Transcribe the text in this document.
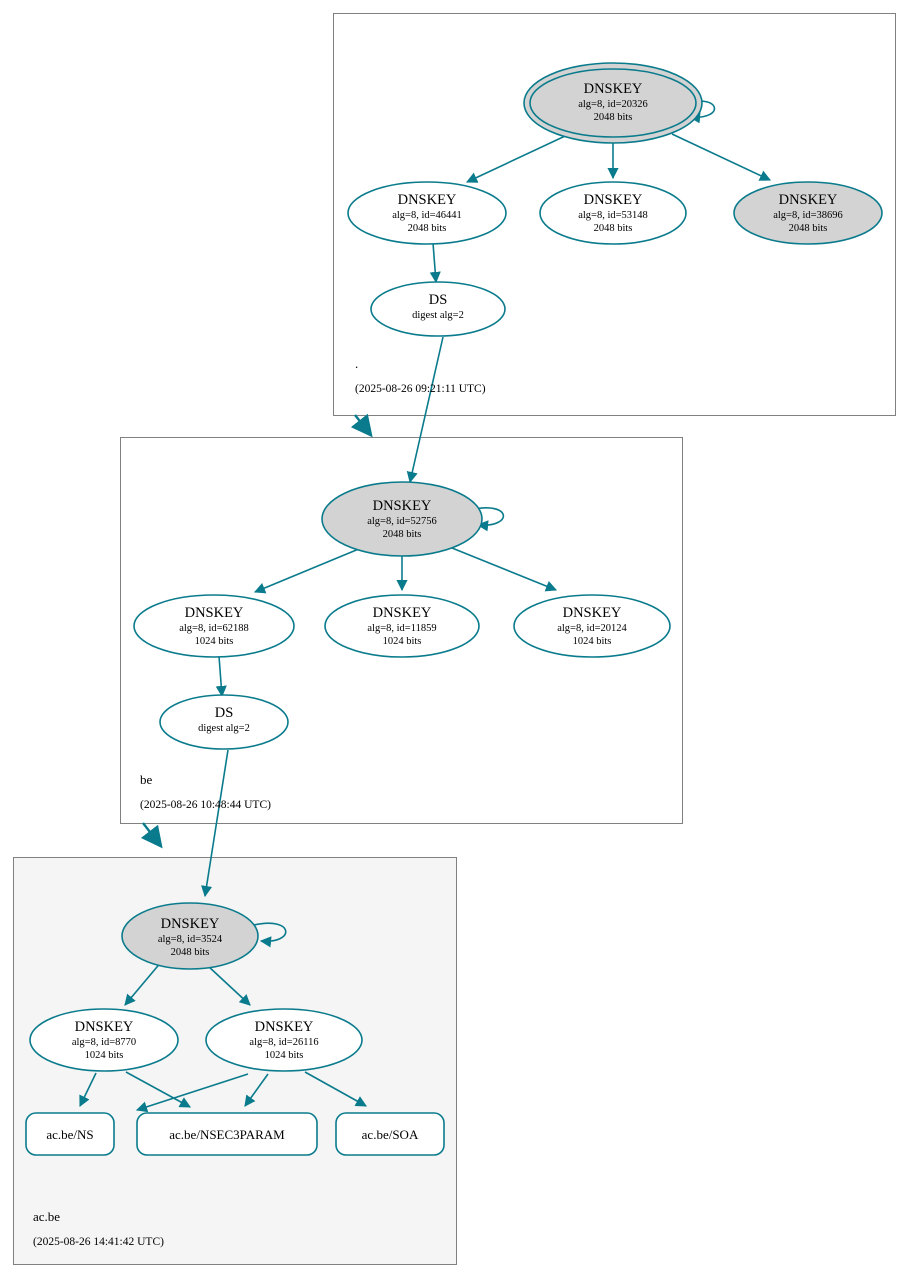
DNSKEY
alg=8, id=20326
2048 bits
DNSKEY
alg=8, id=46441
2048 bits
DNSKEY
alg=8, id=53148
2048 bits
DNSKEY
alg=8, id=38696
2048 bits
DS
digest alg=2
.
(2025-08-26 09:21:11 UTC)
DNSKEY
alg=8, id=52756
2048 bits
DNSKEY
alg=8, id=62188
1024 bits
DNSKEY
alg=8, id=11859
1024 bits
DNSKEY
alg=8, id=20124
1024 bits
DS
digest alg=2
be
(2025-08-26 10:48:44 UTC)
DNSKEY
alg=8, id=3524
2048 bits
DNSKEY
alg=8, id=8770
1024 bits
DNSKEY
alg=8, id=26116
1024 bits
ac.be/NS	ac.be/NSEC3PARAM	ac.be/SOA
ac.be
(2025-08-26 14:41:42 UTC)
